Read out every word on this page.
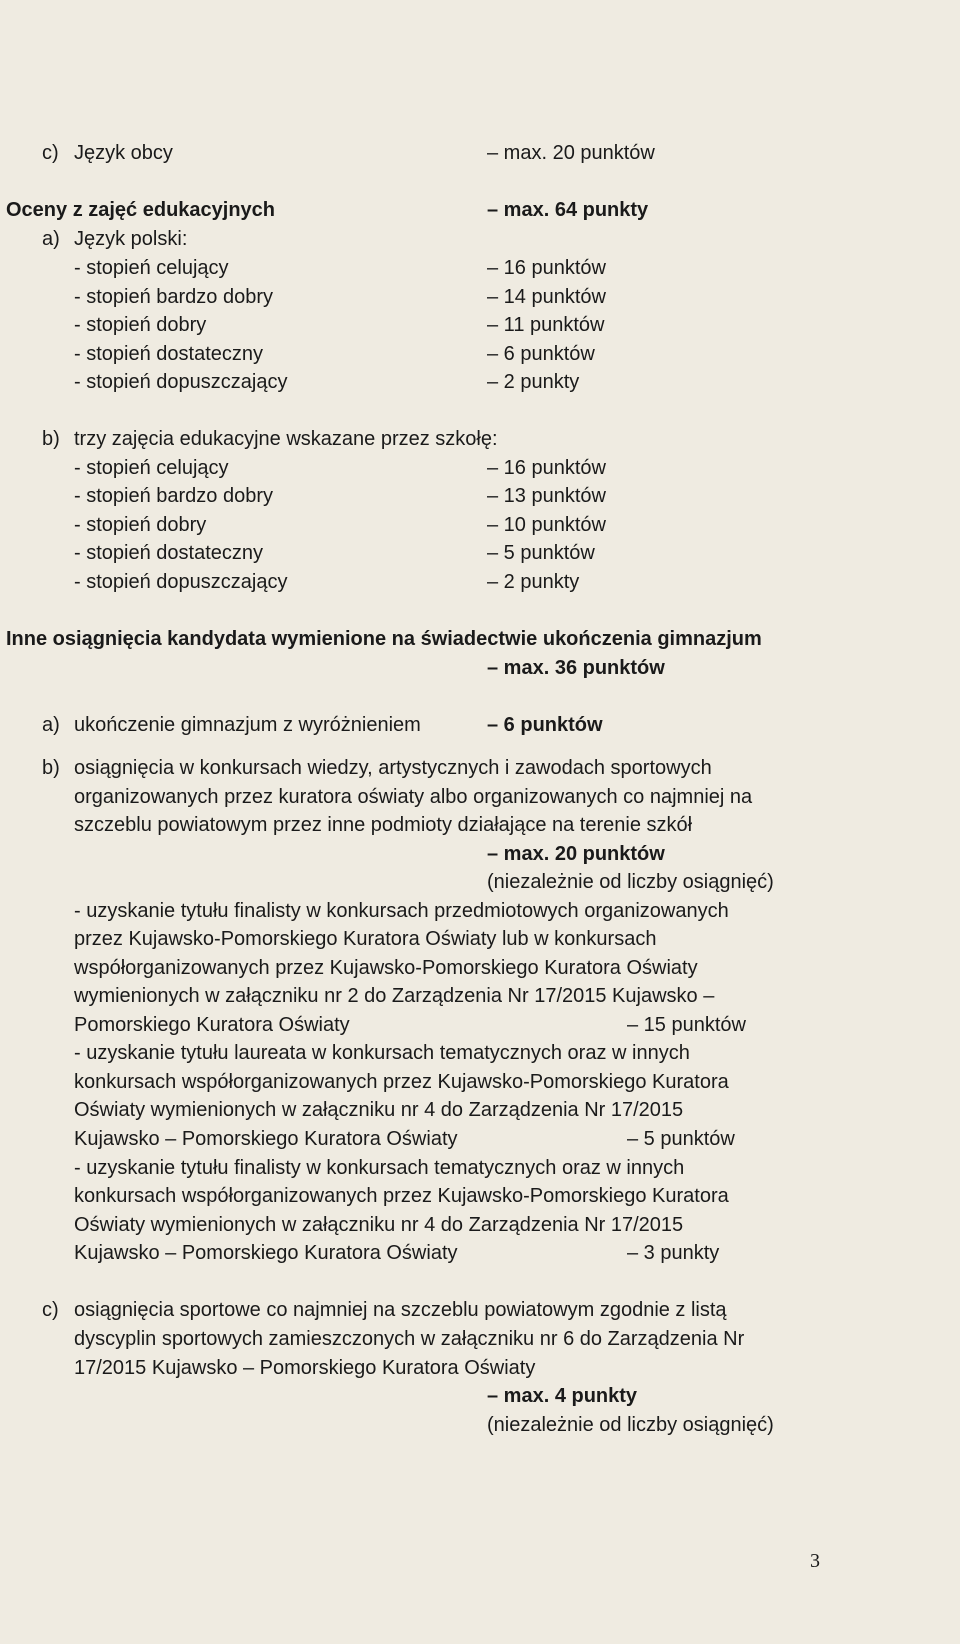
c) Język obcy	– max. 20 punktów
Oceny z zajęć edukacyjnych	– max. 64 punkty
a) Język polski:
- stopień celujący	– 16 punktów
- stopień bardzo dobry	– 14 punktów
- stopień dobry	– 11 punktów
- stopień dostateczny	– 6 punktów
- stopień dopuszczający	– 2 punkty
b) trzy zajęcia edukacyjne wskazane przez szkołę:
- stopień celujący	– 16 punktów
- stopień bardzo dobry	– 13 punktów
- stopień dobry	– 10 punktów
- stopień dostateczny	– 5 punktów
- stopień dopuszczający	– 2 punkty
Inne osiągnięcia kandydata wymienione na świadectwie ukończenia gimnazjum
– max. 36 punktów
a) ukończenie gimnazjum z wyróżnieniem	– 6 punktów
b) osiągnięcia w konkursach wiedzy, artystycznych i zawodach sportowych
organizowanych przez kuratora oświaty albo organizowanych co najmniej na
szczeblu powiatowym przez inne podmioty działające na terenie szkół
– max. 20 punktów
(niezależnie od liczby osiągnięć)
- uzyskanie tytułu finalisty w konkursach przedmiotowych organizowanych
przez Kujawsko-Pomorskiego Kuratora Oświaty lub w konkursach
współorganizowanych przez Kujawsko-Pomorskiego Kuratora Oświaty
wymienionych w załączniku nr 2 do Zarządzenia Nr 17/2015 Kujawsko –
Pomorskiego Kuratora Oświaty	– 15 punktów
- uzyskanie tytułu laureata w konkursach tematycznych oraz w innych
konkursach współorganizowanych przez Kujawsko-Pomorskiego Kuratora
Oświaty wymienionych w załączniku nr 4 do Zarządzenia Nr 17/2015
Kujawsko – Pomorskiego Kuratora Oświaty	– 5 punktów
- uzyskanie tytułu finalisty w konkursach tematycznych oraz w innych
konkursach współorganizowanych przez Kujawsko-Pomorskiego Kuratora
Oświaty wymienionych w załączniku nr 4 do Zarządzenia Nr 17/2015
Kujawsko – Pomorskiego Kuratora Oświaty	– 3 punkty
c) osiągnięcia sportowe co najmniej na szczeblu powiatowym zgodnie z listą
dyscyplin sportowych zamieszczonych w załączniku nr 6 do Zarządzenia Nr
17/2015 Kujawsko – Pomorskiego Kuratora Oświaty
– max. 4 punkty
(niezależnie od liczby osiągnięć)
3
